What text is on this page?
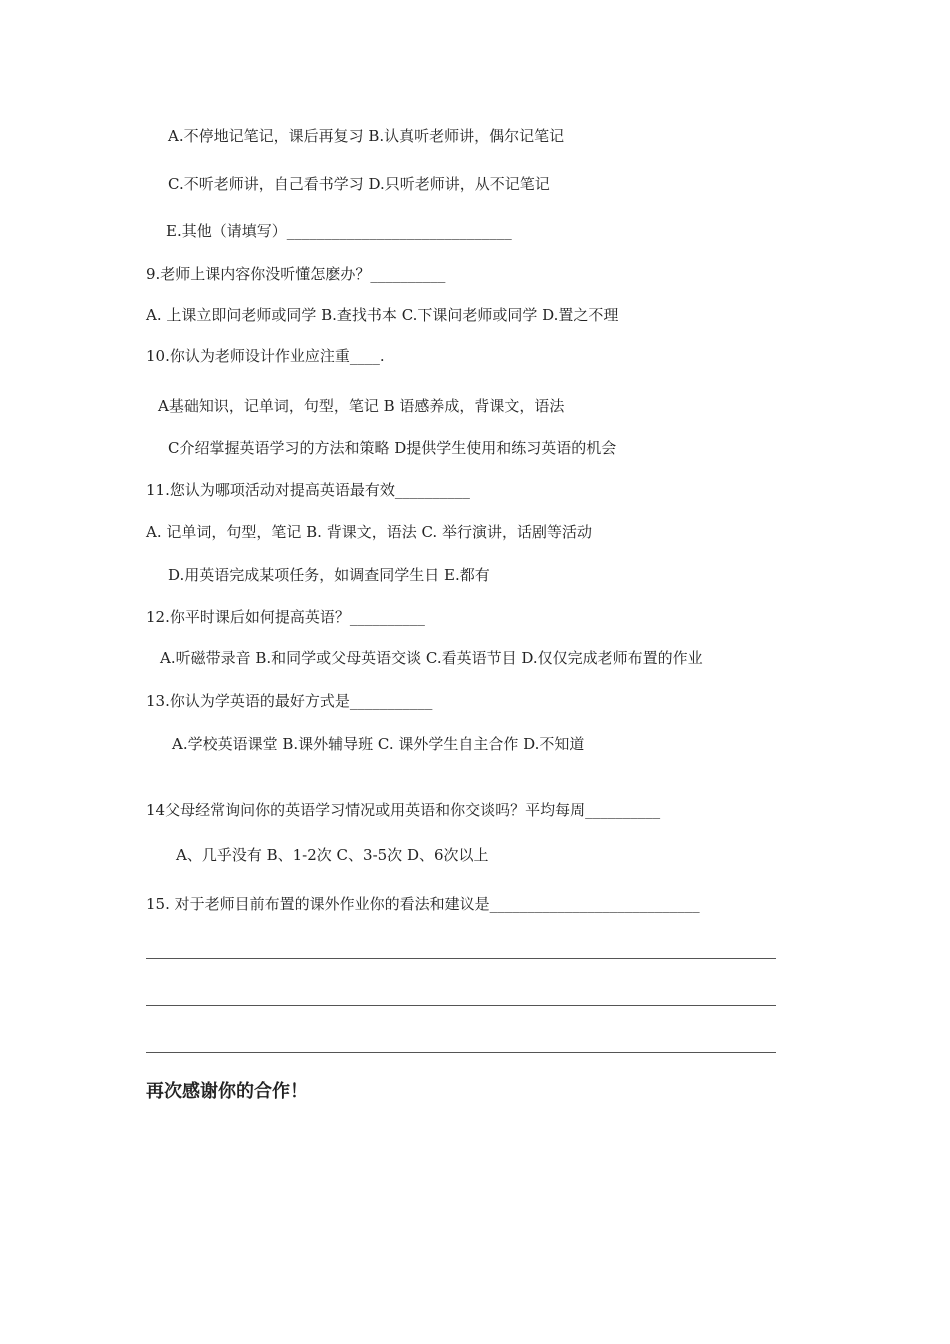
A.不停地记笔记，课后再复习 B.认真听老师讲，偶尔记笔记
C.不听老师讲，自己看书学习 D.只听老师讲，从不记笔记
E.其他（请填写）______________________________
9.老师上课内容你没听懂怎麽办？__________
A. 上课立即问老师或同学 B.查找书本 C.下课问老师或同学 D.置之不理
10.你认为老师设计作业应注重____.
A基础知识，记单词，句型，笔记 B 语感养成，背课文，语法
C介绍掌握英语学习的方法和策略 D提供学生使用和练习英语的机会
11.您认为哪项活动对提高英语最有效__________
A. 记单词，句型，笔记 B. 背课文，语法 C. 举行演讲，话剧等活动
D.用英语完成某项任务，如调查同学生日 E.都有
12.你平时课后如何提高英语？__________
A.听磁带录音 B.和同学或父母英语交谈 C.看英语节目 D.仅仅完成老师布置的作业
13.你认为学英语的最好方式是___________
A.学校英语课堂 B.课外辅导班 C. 课外学生自主合作 D.不知道
14父母经常询问你的英语学习情况或用英语和你交谈吗？平均每周__________
A、几乎没有 B、1-2次 C、3-5次 D、6次以上
15. 对于老师目前布置的课外作业你的看法和建议是____________________________
再次感谢你的合作！
